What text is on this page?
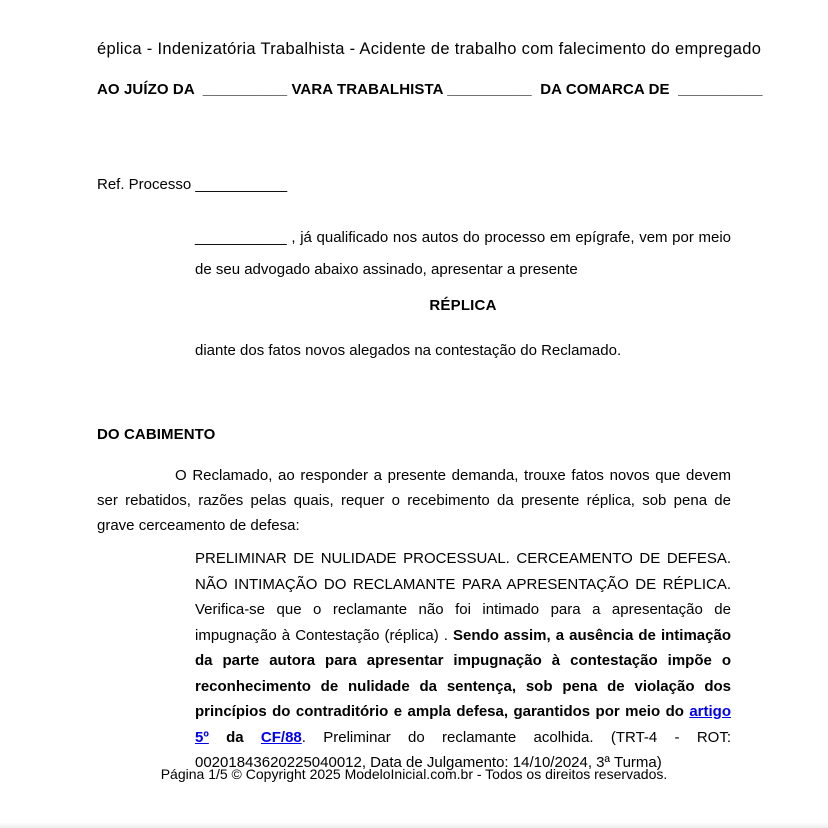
éplica - Indenizatória Trabalhista - Acidente de trabalho com falecimento do empregado
AO JUÍZO DA  __________ VARA TRABALHISTA __________  DA COMARCA DE  __________
Ref. Processo ___________

___________ , já qualificado nos autos do processo em epígrafe, vem por meio de seu advogado abaixo assinado, apresentar a presente

RÉPLICA
diante dos fatos novos alegados na contestação do Reclamado.
DO CABIMENTO

O Reclamado, ao responder a presente demanda, trouxe fatos novos que devem ser rebatidos, razões pelas quais, requer o recebimento da presente réplica, sob pena de grave cerceamento de defesa:

PRELIMINAR DE NULIDADE PROCESSUAL. CERCEAMENTO DE DEFESA. NÃO INTIMAÇÃO DO RECLAMANTE PARA APRESENTAÇÃO DE RÉPLICA. Verifica-se que o reclamante não foi intimado para a apresentação de impugnação à Contestação (réplica) . Sendo assim, a ausência de intimação da parte autora para apresentar impugnação à contestação impõe o reconhecimento de nulidade da sentença, sob pena de violação dos princípios do contraditório e ampla defesa, garantidos por meio do artigo 5º da CF/88. Preliminar do reclamante acolhida. (TRT-4 - ROT: 00201843620225040012, Data de Julgamento: 14/10/2024, 3ª Turma)

Página 1/5 © Copyright 2025 ModeloInicial.com.br - Todos os direitos reservados.
